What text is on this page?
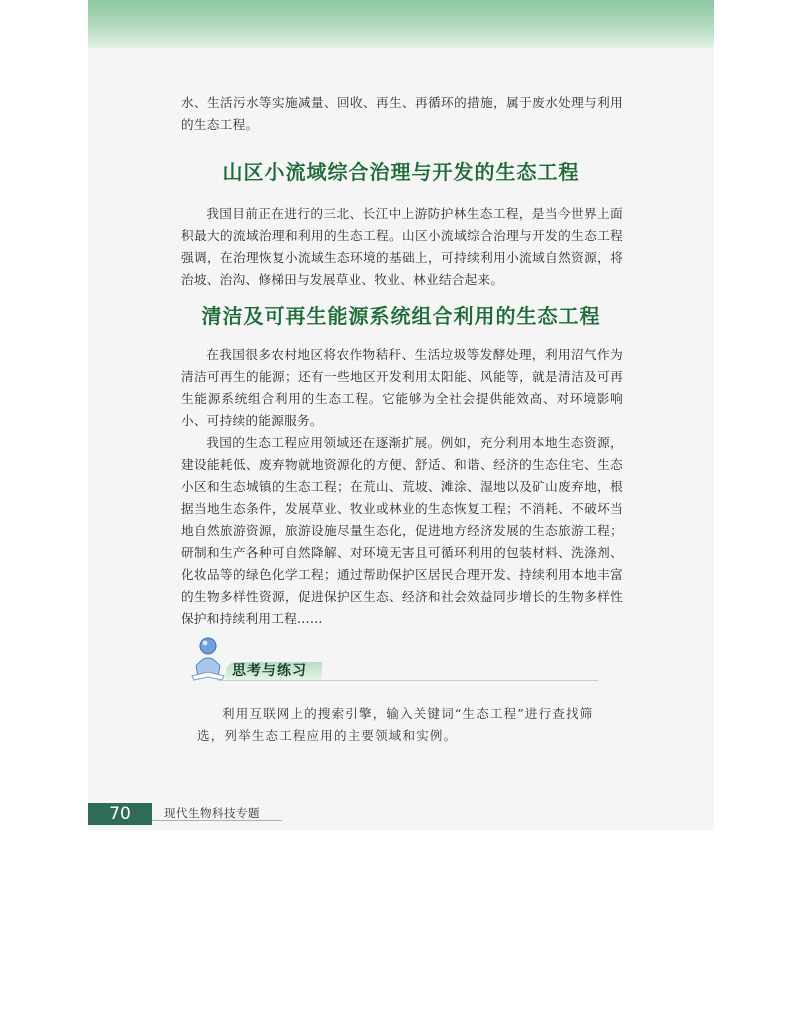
水、生活污水等实施减量、回收、再生、再循环的措施，属于废水处理与利用的生态工程。

山区小流域综合治理与开发的生态工程

我国目前正在进行的三北、长江中上游防护林生态工程，是当今世界上面积最大的流域治理和利用的生态工程。山区小流域综合治理与开发的生态工程强调，在治理恢复小流域生态环境的基础上，可持续利用小流域自然资源，将治坡、治沟、修梯田与发展草业、牧业、林业结合起来。

清洁及可再生能源系统组合利用的生态工程

在我国很多农村地区将农作物秸秆、生活垃圾等发酵处理，利用沼气作为清洁可再生的能源；还有一些地区开发利用太阳能、风能等，就是清洁及可再生能源系统组合利用的生态工程。它能够为全社会提供能效高、对环境影响小、可持续的能源服务。

我国的生态工程应用领域还在逐渐扩展。例如，充分利用本地生态资源，建设能耗低、废弃物就地资源化的方便、舒适、和谐、经济的生态住宅、生态小区和生态城镇的生态工程；在荒山、荒坡、滩涂、湿地以及矿山废弃地，根据当地生态条件，发展草业、牧业或林业的生态恢复工程；不消耗、不破坏当地自然旅游资源，旅游设施尽量生态化，促进地方经济发展的生态旅游工程；研制和生产各种可自然降解、对环境无害且可循环利用的包装材料、洗涤剂、化妆品等的绿色化学工程；通过帮助保护区居民合理开发、持续利用本地丰富的生物多样性资源，促进保护区生态、经济和社会效益同步增长的生物多样性保护和持续利用工程……

思考与练习

利用互联网上的搜索引擎，输入关键词“生态工程”进行查找筛选，列举生态工程应用的主要领域和实例。

70	现代生物科技专题
